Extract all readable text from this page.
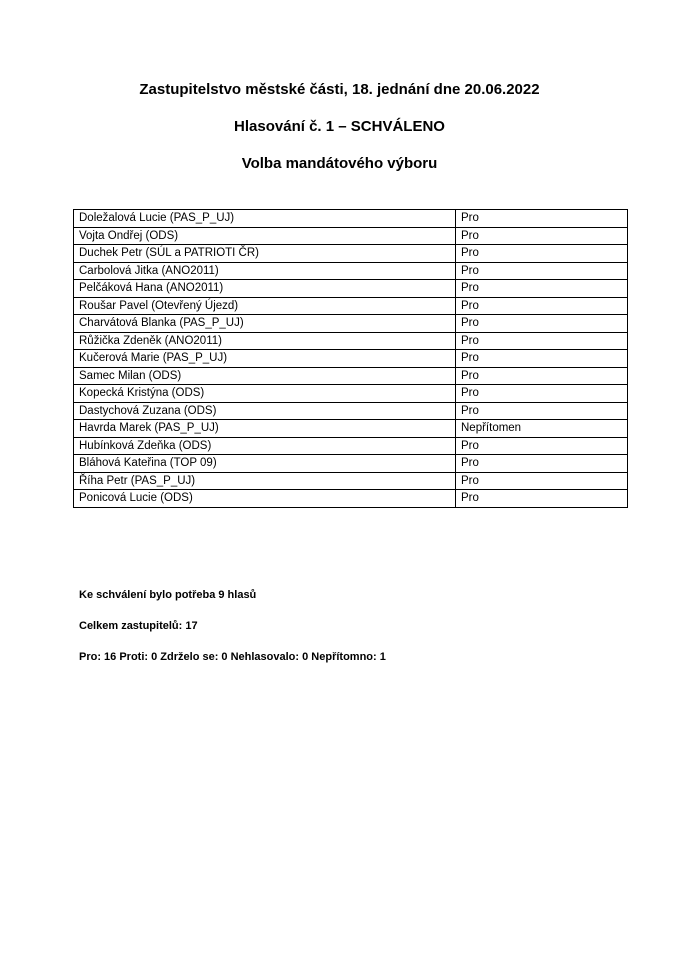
Zastupitelstvo městské části, 18. jednání dne 20.06.2022

Hlasování č. 1 – SCHVÁLENO

Volba mandátového výboru

Doležalová Lucie (PAS_P_UJ)	Pro
Vojta Ondřej (ODS)	Pro
Duchek Petr (SÚL a PATRIOTI ČR)	Pro
Carbolová Jitka (ANO2011)	Pro
Pelčáková Hana (ANO2011)	Pro
Roušar Pavel (Otevřený Újezd)	Pro
Charvátová Blanka (PAS_P_UJ)	Pro
Růžička Zdeněk (ANO2011)	Pro
Kučerová Marie (PAS_P_UJ)	Pro
Samec Milan (ODS)	Pro
Kopecká Kristýna (ODS)	Pro
Dastychová Zuzana (ODS)	Pro
Havrda Marek (PAS_P_UJ)	Nepřítomen
Hubínková Zdeňka (ODS)	Pro
Bláhová Kateřina (TOP 09)	Pro
Říha Petr (PAS_P_UJ)	Pro
Ponicová Lucie (ODS)	Pro

Ke schválení bylo potřeba 9 hlasů

Celkem zastupitelů: 17

Pro: 16 Proti: 0 Zdrželo se: 0 Nehlasovalo: 0 Nepřítomno: 1
